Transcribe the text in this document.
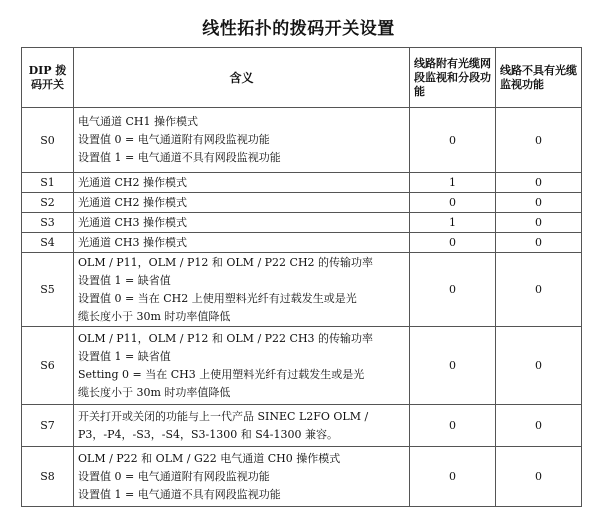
线性拓扑的拨码开关设置
DIP 拨码开关	含义	线路附有光缆网段监视和分段功能	线路不具有光缆监视功能
S0	电气通道 CH1 操作模式
设置值 0 = 电气通道附有网段监视功能
设置值 1 = 电气通道不具有网段监视功能	0	0
S1	光通道 CH2 操作模式	1	0
S2	光通道 CH2 操作模式	0	0
S3	光通道 CH3 操作模式	1	0
S4	光通道 CH3 操作模式	0	0
S5	OLM / P11，OLM / P12 和 OLM / P22 CH2 的传输功率
设置值 1 = 缺省值
设置值 0 = 当在 CH2 上使用塑料光纤有过载发生或是光
缆长度小于 30m 时功率值降低	0	0
S6	OLM / P11，OLM / P12 和 OLM / P22 CH3 的传输功率
设置值 1 = 缺省值
Setting 0 = 当在 CH3 上使用塑料光纤有过载发生或是光
缆长度小于 30m 时功率值降低	0	0
S7	开关打开或关闭的功能与上一代产品 SINEC L2FO OLM /
P3，-P4，-S3，-S4，S3-1300 和 S4-1300 兼容。	0	0
S8	OLM / P22 和 OLM / G22 电气通道 CH0 操作模式
设置值 0 = 电气通道附有网段监视功能
设置值 1 = 电气通道不具有网段监视功能	0	0
